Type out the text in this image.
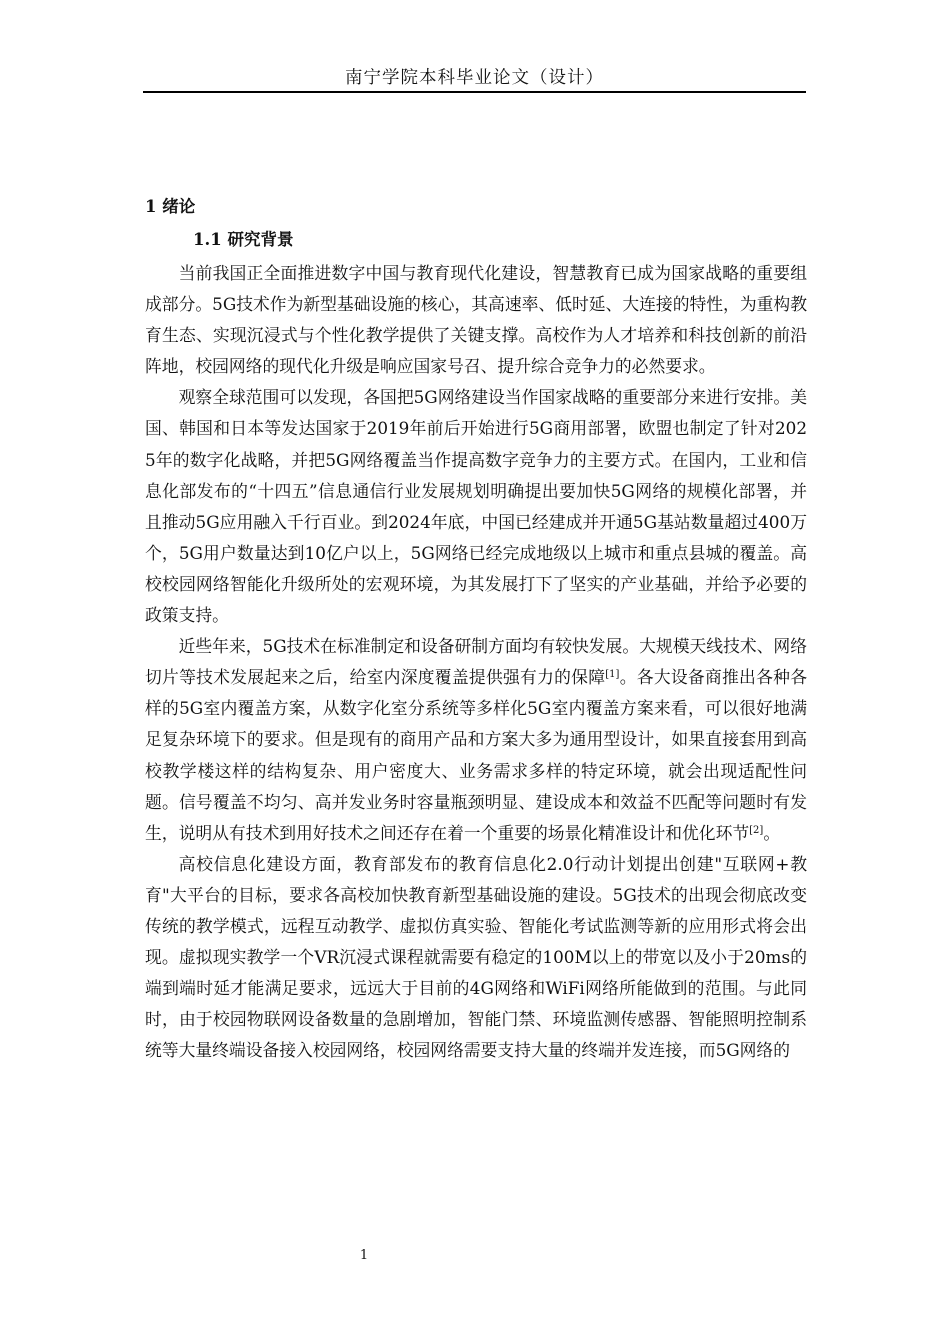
南宁学院本科毕业论文（设计）
1 绪论
1.1 研究背景

当前我国正全面推进数字中国与教育现代化建设，智慧教育已成为国家战略的重要组成部分。5G技术作为新型基础设施的核心，其高速率、低时延、大连接的特性，为重构教育生态、实现沉浸式与个性化教学提供了关键支撑。高校作为人才培养和科技创新的前沿阵地，校园网络的现代化升级是响应国家号召、提升综合竞争力的必然要求。

观察全球范围可以发现，各国把5G网络建设当作国家战略的重要部分来进行安排。美国、韩国和日本等发达国家于2019年前后开始进行5G商用部署，欧盟也制定了针对2025年的数字化战略，并把5G网络覆盖当作提高数字竞争力的主要方式。在国内，工业和信息化部发布的“十四五”信息通信行业发展规划明确提出要加快5G网络的规模化部署，并且推动5G应用融入千行百业。到2024年底，中国已经建成并开通5G基站数量超过400万个，5G用户数量达到10亿户以上，5G网络已经完成地级以上城市和重点县城的覆盖。高校校园网络智能化升级所处的宏观环境，为其发展打下了坚实的产业基础，并给予必要的政策支持。

近些年来，5G技术在标准制定和设备研制方面均有较快发展。大规模天线技术、网络切片等技术发展起来之后，给室内深度覆盖提供强有力的保障[1]。各大设备商推出各种各样的5G室内覆盖方案，从数字化室分系统等多样化5G室内覆盖方案来看，可以很好地满足复杂环境下的要求。但是现有的商用产品和方案大多为通用型设计，如果直接套用到高校教学楼这样的结构复杂、用户密度大、业务需求多样的特定环境，就会出现适配性问题。信号覆盖不均匀、高并发业务时容量瓶颈明显、建设成本和效益不匹配等问题时有发生，说明从有技术到用好技术之间还存在着一个重要的场景化精准设计和优化环节[2]。

高校信息化建设方面，教育部发布的教育信息化2.0行动计划提出创建"互联网+教育"大平台的目标，要求各高校加快教育新型基础设施的建设。5G技术的出现会彻底改变传统的教学模式，远程互动教学、虚拟仿真实验、智能化考试监测等新的应用形式将会出现。虚拟现实教学一个VR沉浸式课程就需要有稳定的100M以上的带宽以及小于20ms的端到端时延才能满足要求，远远大于目前的4G网络和WiFi网络所能做到的范围。与此同时，由于校园物联网设备数量的急剧增加，智能门禁、环境监测传感器、智能照明控制系统等大量终端设备接入校园网络，校园网络需要支持大量的终端并发连接，而5G网络的

1
